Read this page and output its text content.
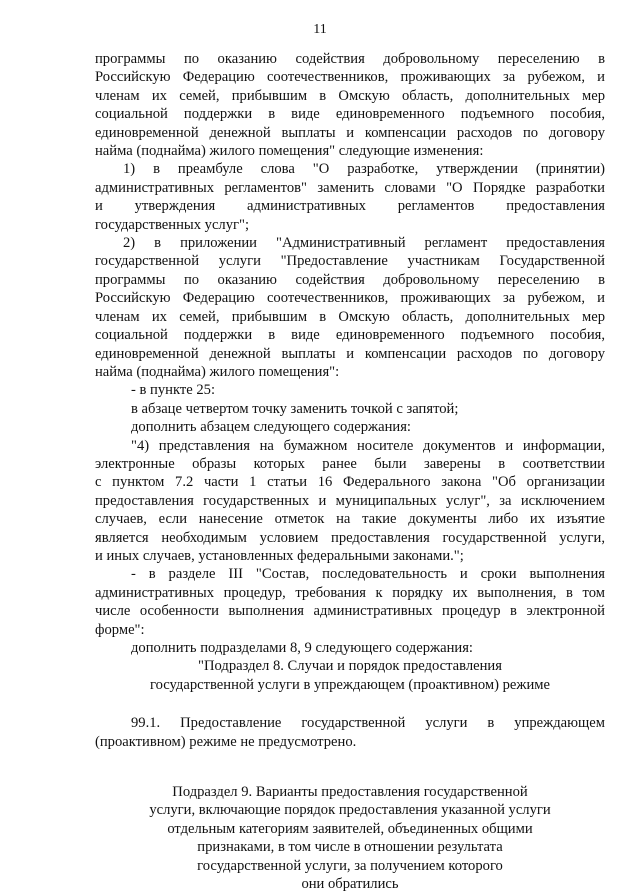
11
программы по оказанию содействия добровольному переселению в
Российскую Федерацию соотечественников, проживающих за рубежом, и
членам их семей, прибывшим в Омскую область, дополнительных мер
социальной поддержки в виде единовременного подъемного пособия,
единовременной денежной выплаты и компенсации расходов по договору
найма (поднайма) жилого помещения" следующие изменения:
1) в преамбуле слова "О разработке, утверждении (принятии)
административных регламентов" заменить словами "О Порядке разработки
и утверждения административных регламентов предоставления
государственных услуг";
2) в приложении "Административный регламент предоставления
государственной услуги "Предоставление участникам Государственной
программы по оказанию содействия добровольному переселению в
Российскую Федерацию соотечественников, проживающих за рубежом, и
членам их семей, прибывшим в Омскую область, дополнительных мер
социальной поддержки в виде единовременного подъемного пособия,
единовременной денежной выплаты и компенсации расходов по договору
найма (поднайма) жилого помещения":
- в пункте 25:
в абзаце четвертом точку заменить точкой с запятой;
дополнить абзацем следующего содержания:
"4) представления на бумажном носителе документов и информации,
электронные образы которых ранее были заверены в соответствии
с пунктом 7.2 части 1 статьи 16 Федерального закона "Об организации
предоставления государственных и муниципальных услуг", за исключением
случаев, если нанесение отметок на такие документы либо их изъятие
является необходимым условием предоставления государственной услуги,
и иных случаев, установленных федеральными законами.";
- в разделе III "Состав, последовательность и сроки выполнения
административных процедур, требования к порядку их выполнения, в том
числе особенности выполнения административных процедур в электронной
форме":
дополнить подразделами 8, 9 следующего содержания:
"Подраздел 8. Случаи и порядок предоставления
государственной услуги в упреждающем (проактивном) режиме
99.1. Предоставление государственной услуги в упреждающем
(проактивном) режиме не предусмотрено.
Подраздел 9. Варианты предоставления государственной
услуги, включающие порядок предоставления указанной услуги
отдельным категориям заявителей, объединенных общими
признаками, в том числе в отношении результата
государственной услуги, за получением которого
они обратились
